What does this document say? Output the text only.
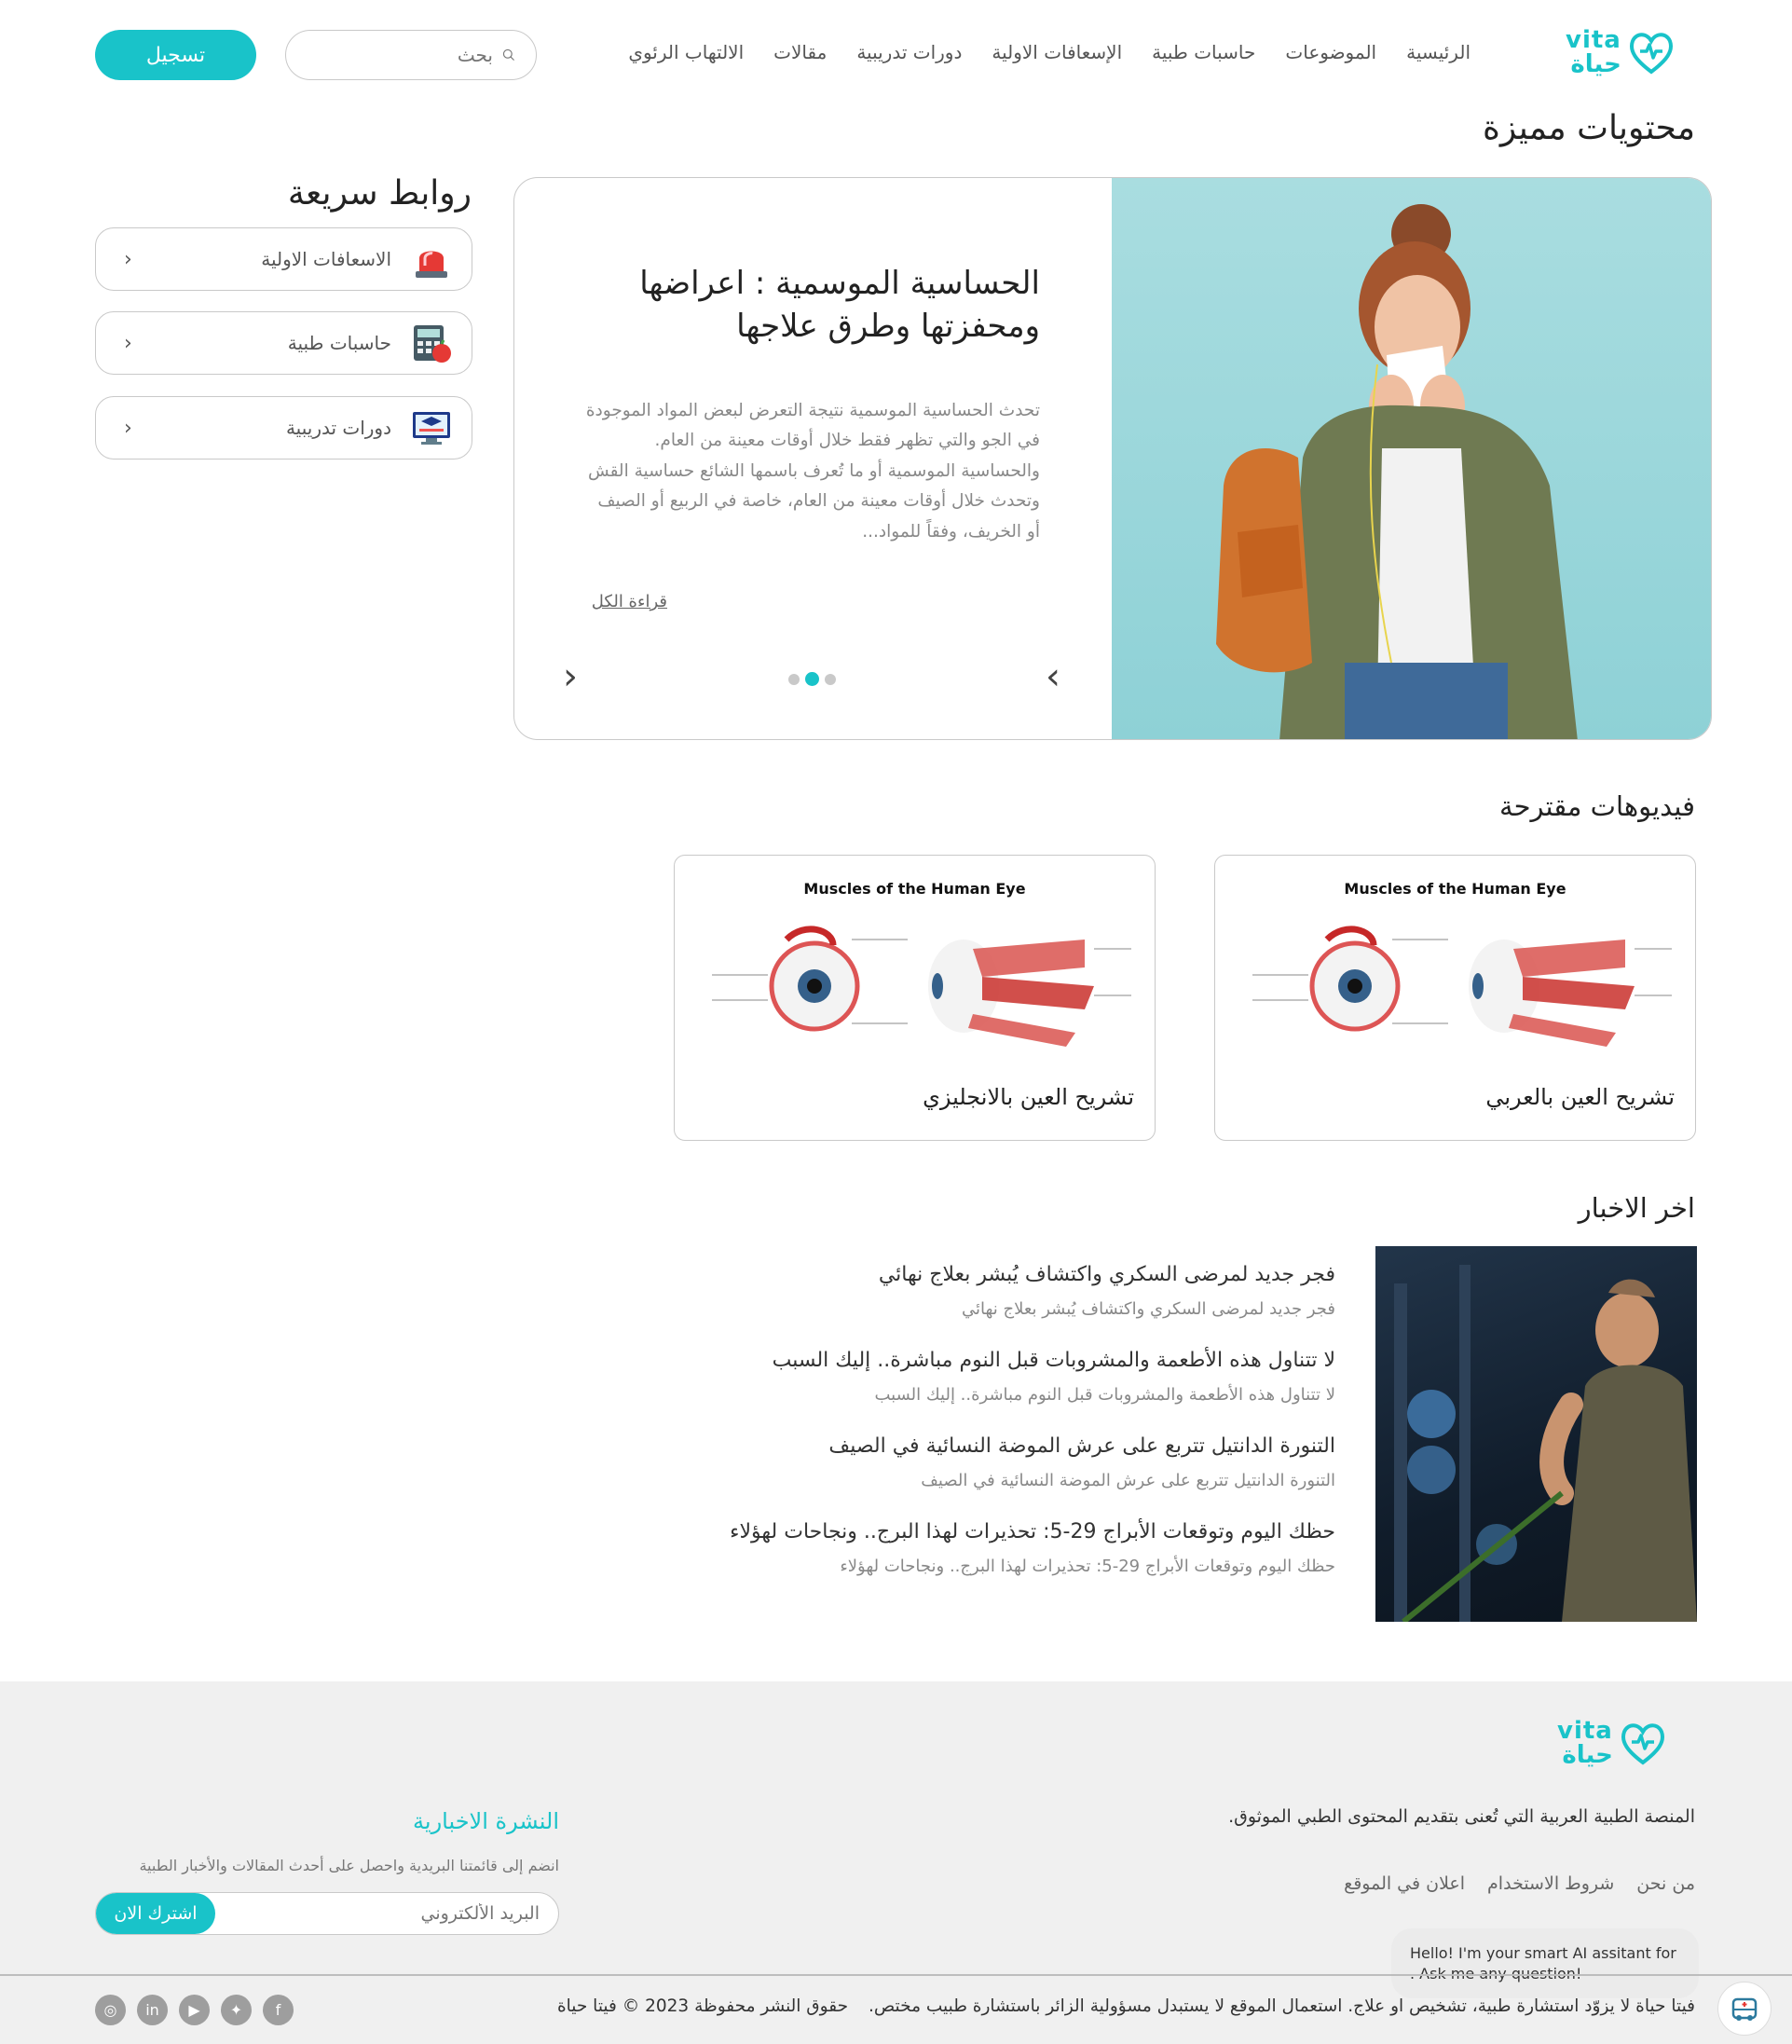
vita
حياة
الرئيسية
الموضوعات
حاسبات طبية
الإسعافات الاولية
دورات تدريبية
مقالات
الالتهاب الرئوي
بحث
تسجيل
محتويات مميزة
الحساسية الموسمية : اعراضها ومحفزتها وطرق علاجها
تحدث الحساسية الموسمية نتيجة التعرض لبعض المواد الموجودة في الجو والتي تظهر فقط خلال أوقات معينة من العام. والحساسية الموسمية أو ما تُعرف باسمها الشائع حساسية القش وتحدث خلال أوقات معينة من العام، خاصة في الربيع أو الصيف أو الخريف، وفقاً للمواد...
قراءة الكل
‹	›
روابط سريعة
الاسعافات الاولية
‹
حاسبات طبية
‹
دورات تدريبية
‹
فيديوهات مقترحة
Muscles of the Human Eye
تشريح العين بالعربي
Muscles of the Human Eye
تشريح العين بالانجليزي
اخر الاخبار
فجر جديد لمرضى السكري واكتشاف يُبشر بعلاج نهائي
فجر جديد لمرضى السكري واكتشاف يُبشر بعلاج نهائي
لا تتناول هذه الأطعمة والمشروبات قبل النوم مباشرة.. إليك السبب
لا تتناول هذه الأطعمة والمشروبات قبل النوم مباشرة.. إليك السبب
التنورة الدانتيل تتربع على عرش الموضة النسائية في الصيف
التنورة الدانتيل تتربع على عرش الموضة النسائية في الصيف
حظك اليوم وتوقعات الأبراج 29-5: تحذيرات لهذا البرج.. ونجاحات لهؤلاء
حظك اليوم وتوقعات الأبراج 29-5: تحذيرات لهذا البرج.. ونجاحات لهؤلاء
vita
حياة
المنصة الطبية العربية التي تُعنى بتقديم المحتوى الطبي الموثوق.
من نحن
شروط الاستخدام
اعلان في الموقع
النشرة الاخبارية
انضم إلى قائمتنا البريدية واحصل على أحدث المقالات والأخبار الطبية
البريد الألكتروني
اشترك الان
Hello! I'm your smart AI assitant for
فيتا حياة لا يزوّد استشارة طبية، تشخيص او علاج. استعمال الموقع لا يستبدل مسؤولية الزائر باستشارة طبيب مختص.
حقوق النشر محفوظة 2023 © فيتا حياة
◎	in	▶	✦	f
